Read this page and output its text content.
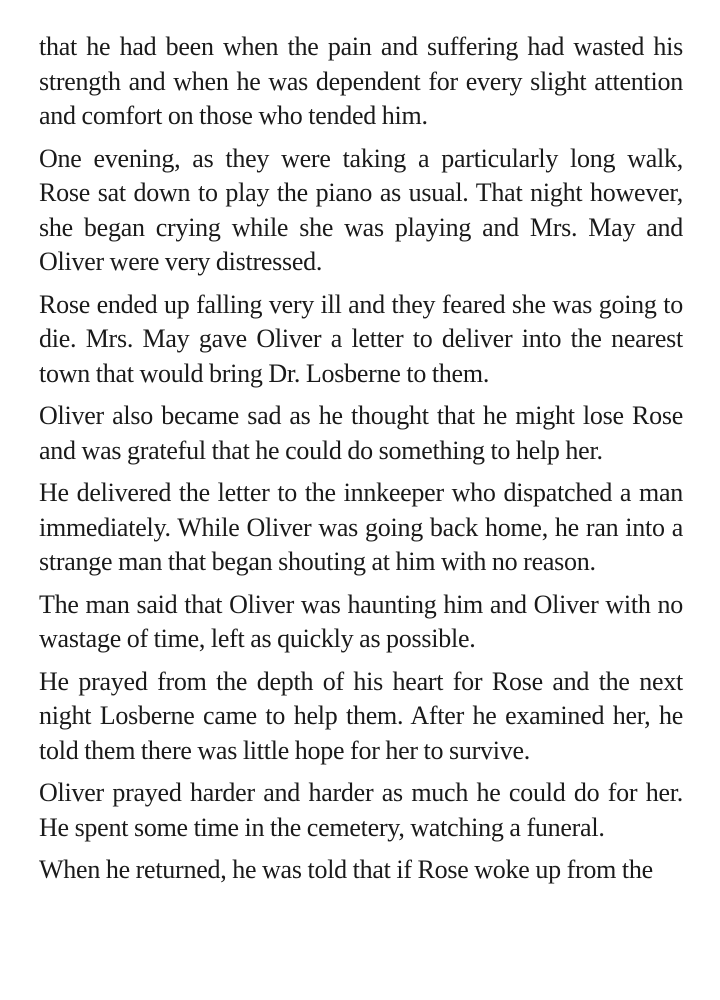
that he had been when the pain and suffering had wasted his strength and when he was dependent for every slight attention and comfort on those who tended him.

One evening, as they were taking a particularly long walk, Rose sat down to play the piano as usual. That night however, she began crying while she was playing and Mrs. May and Oliver were very distressed.

Rose ended up falling very ill and they feared she was going to die. Mrs. May gave Oliver a letter to deliver into the nearest town that would bring Dr. Losberne to them.

Oliver also became sad as he thought that he might lose Rose and was grateful that he could do something to help her.

He delivered the letter to the innkeeper who dispatched a man immediately. While Oliver was going back home, he ran into a strange man that began shouting at him with no reason.

The man said that Oliver was haunting him and Oliver with no wastage of time, left as quickly as possible.

He prayed from the depth of his heart for Rose and the next night Losberne came to help them. After he examined her, he told them there was little hope for her to survive.

Oliver prayed harder and harder as much he could do for her. He spent some time in the cemetery, watching a funeral.

When he returned, he was told that if Rose woke up from the
